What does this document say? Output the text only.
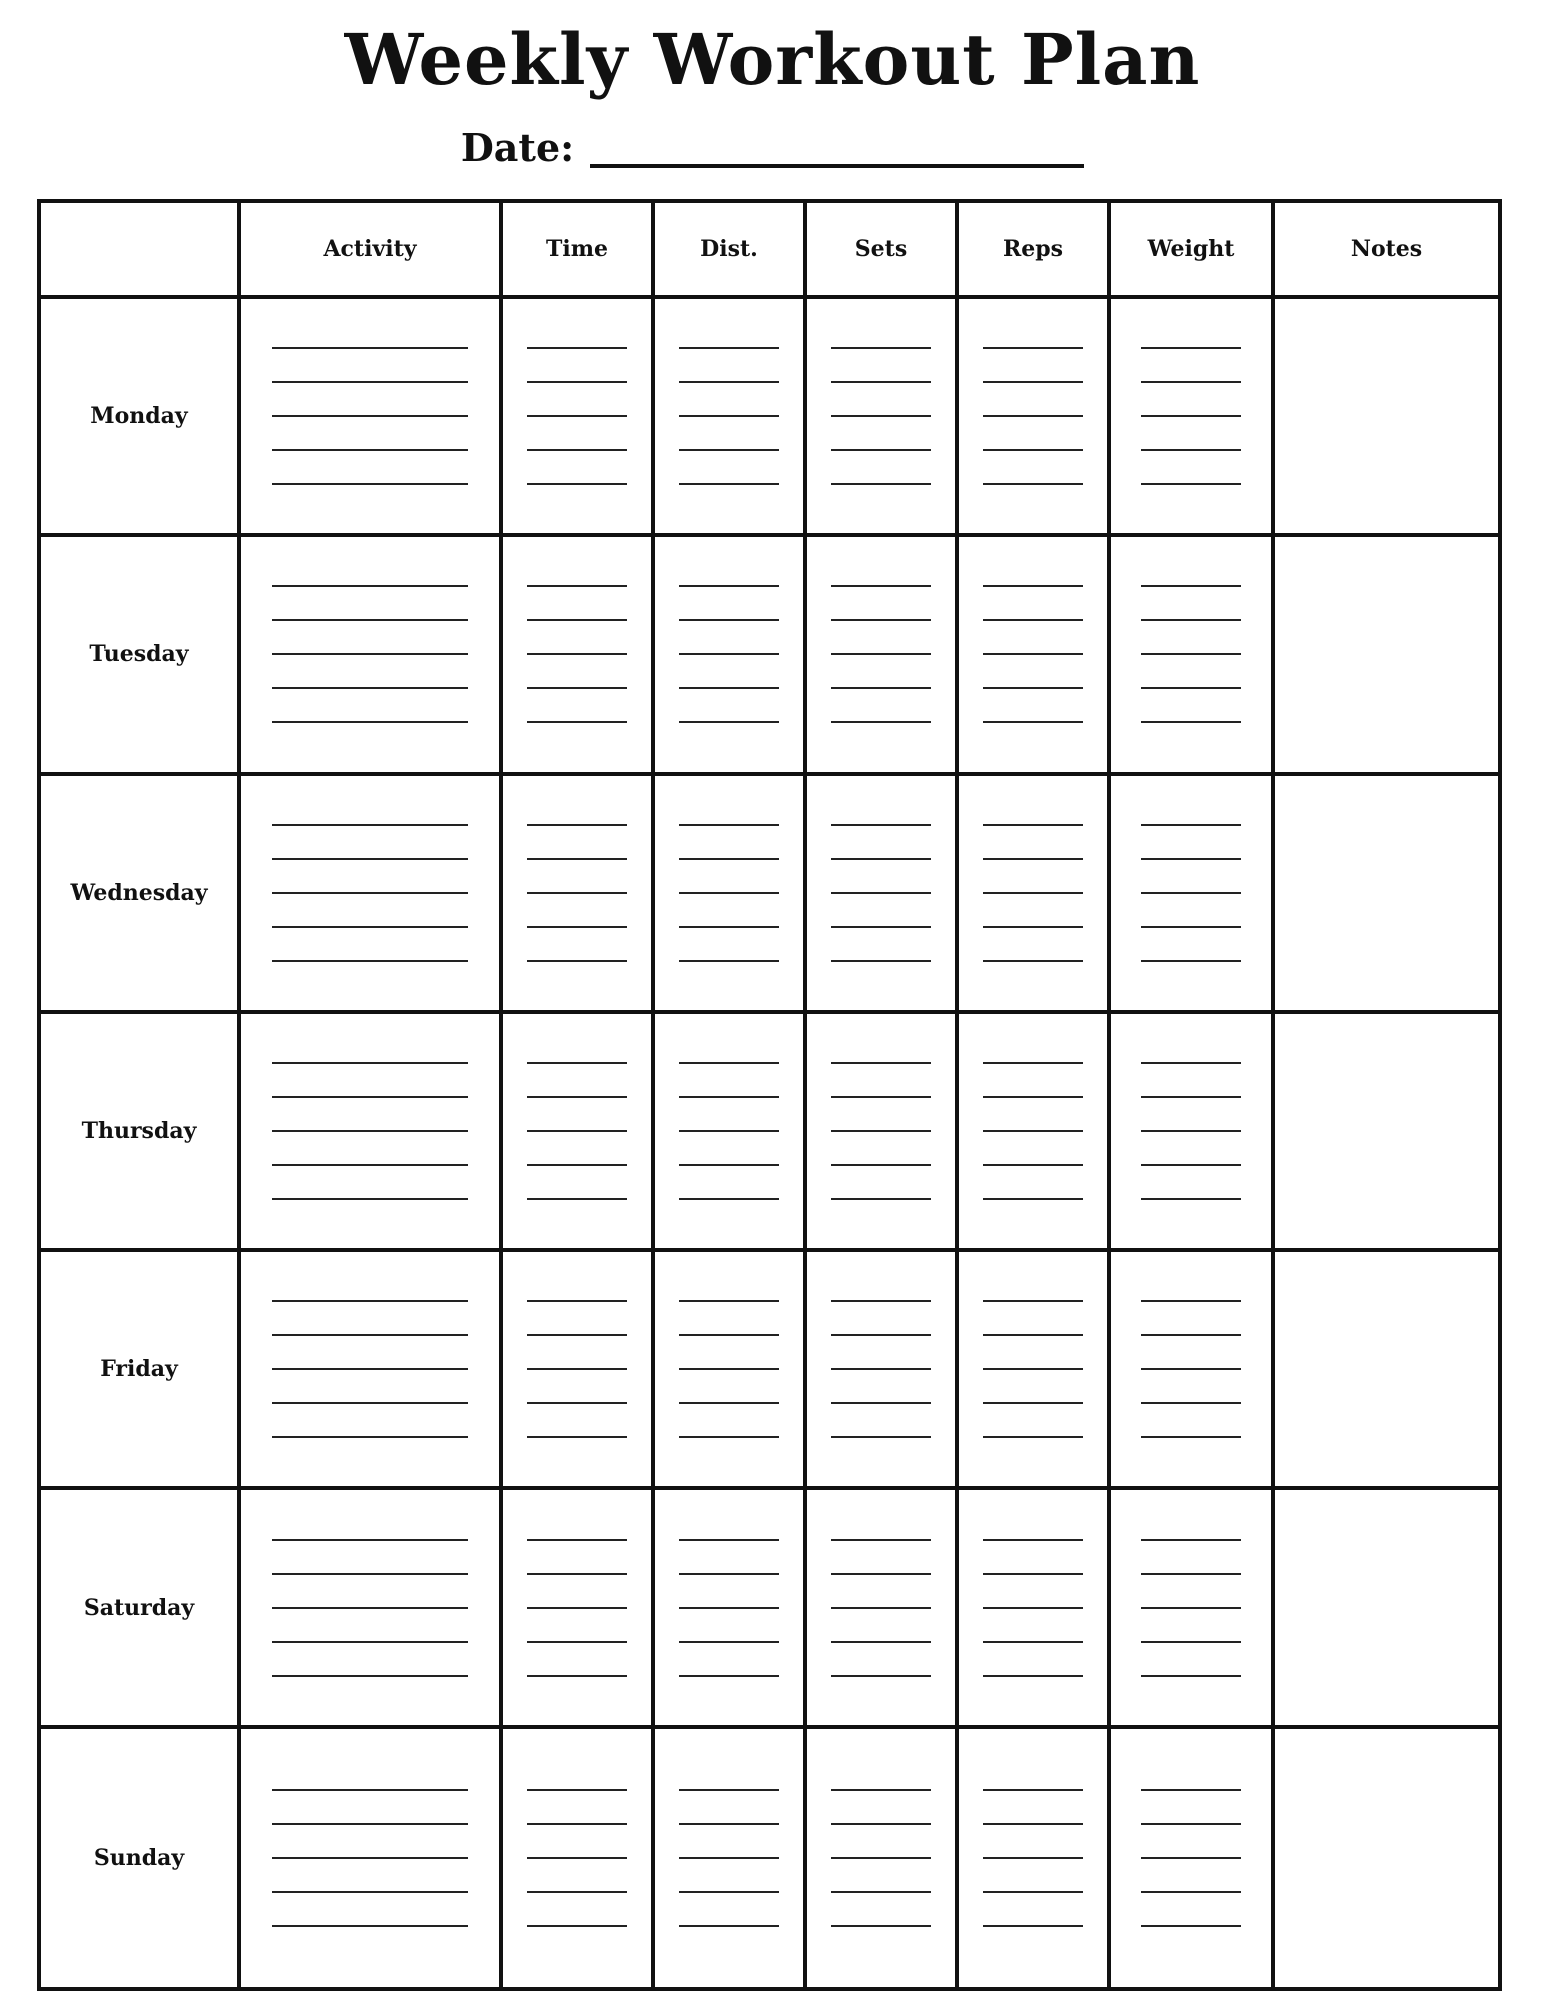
Weekly Workout Plan
Date:
	Activity	Time	Dist.	Sets	Reps	Weight	Notes
Monday	

Tuesday	

Wednesday	

Thursday	

Friday	

Saturday	

Sunday	
